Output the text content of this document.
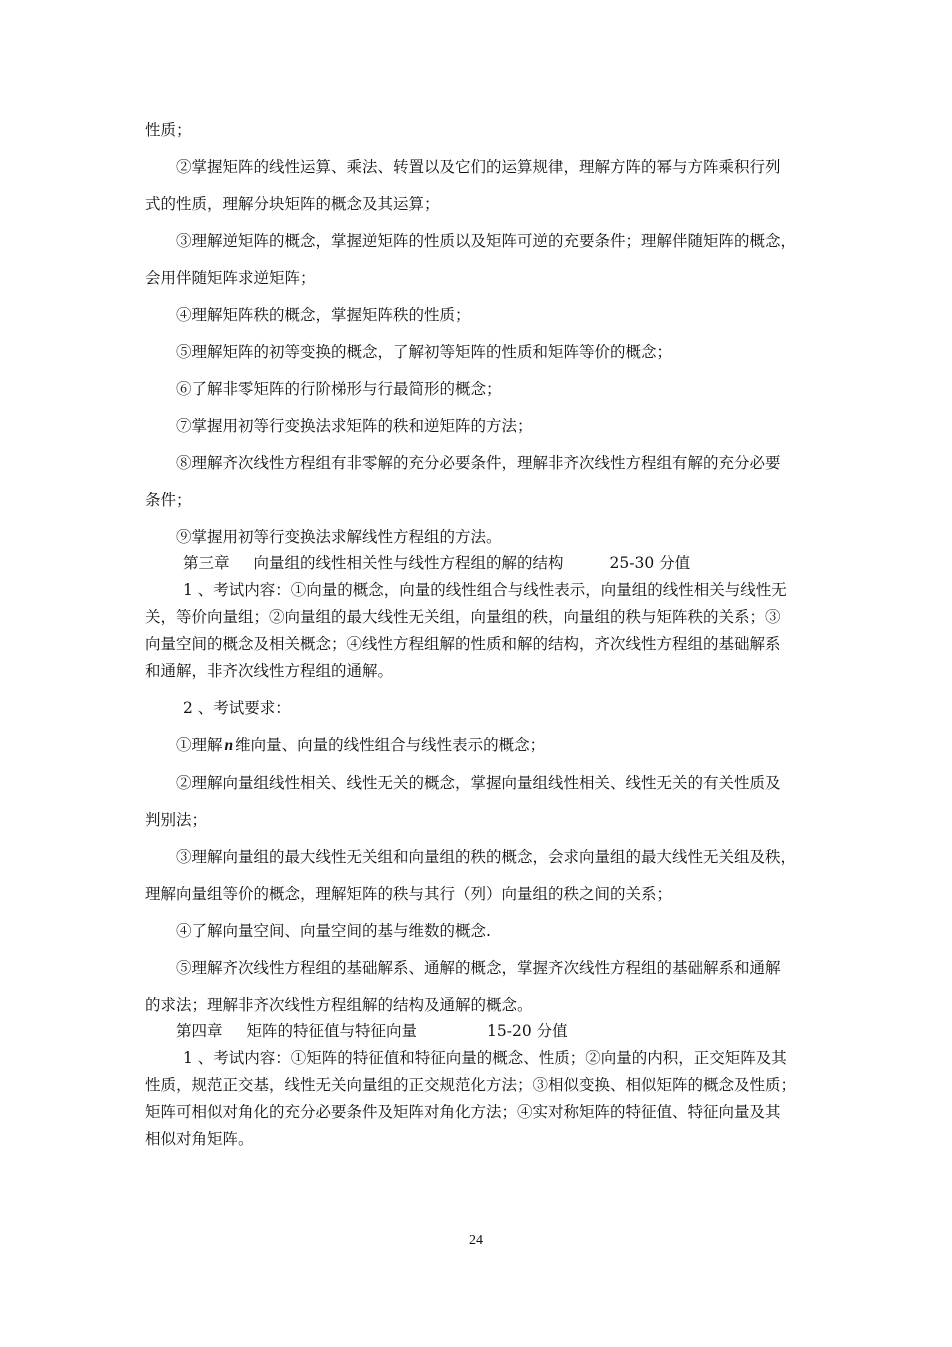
性质；
②掌握矩阵的线性运算、乘法、转置以及它们的运算规律，理解方阵的幂与方阵乘积行列
式的性质，理解分块矩阵的概念及其运算；
③理解逆矩阵的概念，掌握逆矩阵的性质以及矩阵可逆的充要条件；理解伴随矩阵的概念，
会用伴随矩阵求逆矩阵；
④理解矩阵秩的概念，掌握矩阵秩的性质；
⑤理解矩阵的初等变换的概念，了解初等矩阵的性质和矩阵等价的概念；
⑥了解非零矩阵的行阶梯形与行最简形的概念；
⑦掌握用初等行变换法求矩阵的秩和逆矩阵的方法；
⑧理解齐次线性方程组有非零解的充分必要条件，理解非齐次线性方程组有解的充分必要
条件；
⑨掌握用初等行变换法求解线性方程组的方法。
第三章 向量组的线性相关性与线性方程组的解的结构	25-30 分值
1 、考试内容：①向量的概念，向量的线性组合与线性表示，向量组的线性相关与线性无
关，等价向量组；②向量组的最大线性无关组，向量组的秩，向量组的秩与矩阵秩的关系；③
向量空间的概念及相关概念；④线性方程组解的性质和解的结构，齐次线性方程组的基础解系
和通解，非齐次线性方程组的通解。
2 、考试要求：
①理解 n 维向量、向量的线性组合与线性表示的概念；
②理解向量组线性相关、线性无关的概念，掌握向量组线性相关、线性无关的有关性质及
判别法；
③理解向量组的最大线性无关组和向量组的秩的概念，会求向量组的最大线性无关组及秩，
理解向量组等价的概念，理解矩阵的秩与其行（列）向量组的秩之间的关系；
④了解向量空间、向量空间的基与维数的概念.
⑤理解齐次线性方程组的基础解系、通解的概念，掌握齐次线性方程组的基础解系和通解
的求法；理解非齐次线性方程组解的结构及通解的概念。
第四章 矩阵的特征值与特征向量	15-20 分值
1 、考试内容：①矩阵的特征值和特征向量的概念、性质；②向量的内积，正交矩阵及其
性质，规范正交基，线性无关向量组的正交规范化方法；③相似变换、相似矩阵的概念及性质；
矩阵可相似对角化的充分必要条件及矩阵对角化方法；④实对称矩阵的特征值、特征向量及其
相似对角矩阵。
24
